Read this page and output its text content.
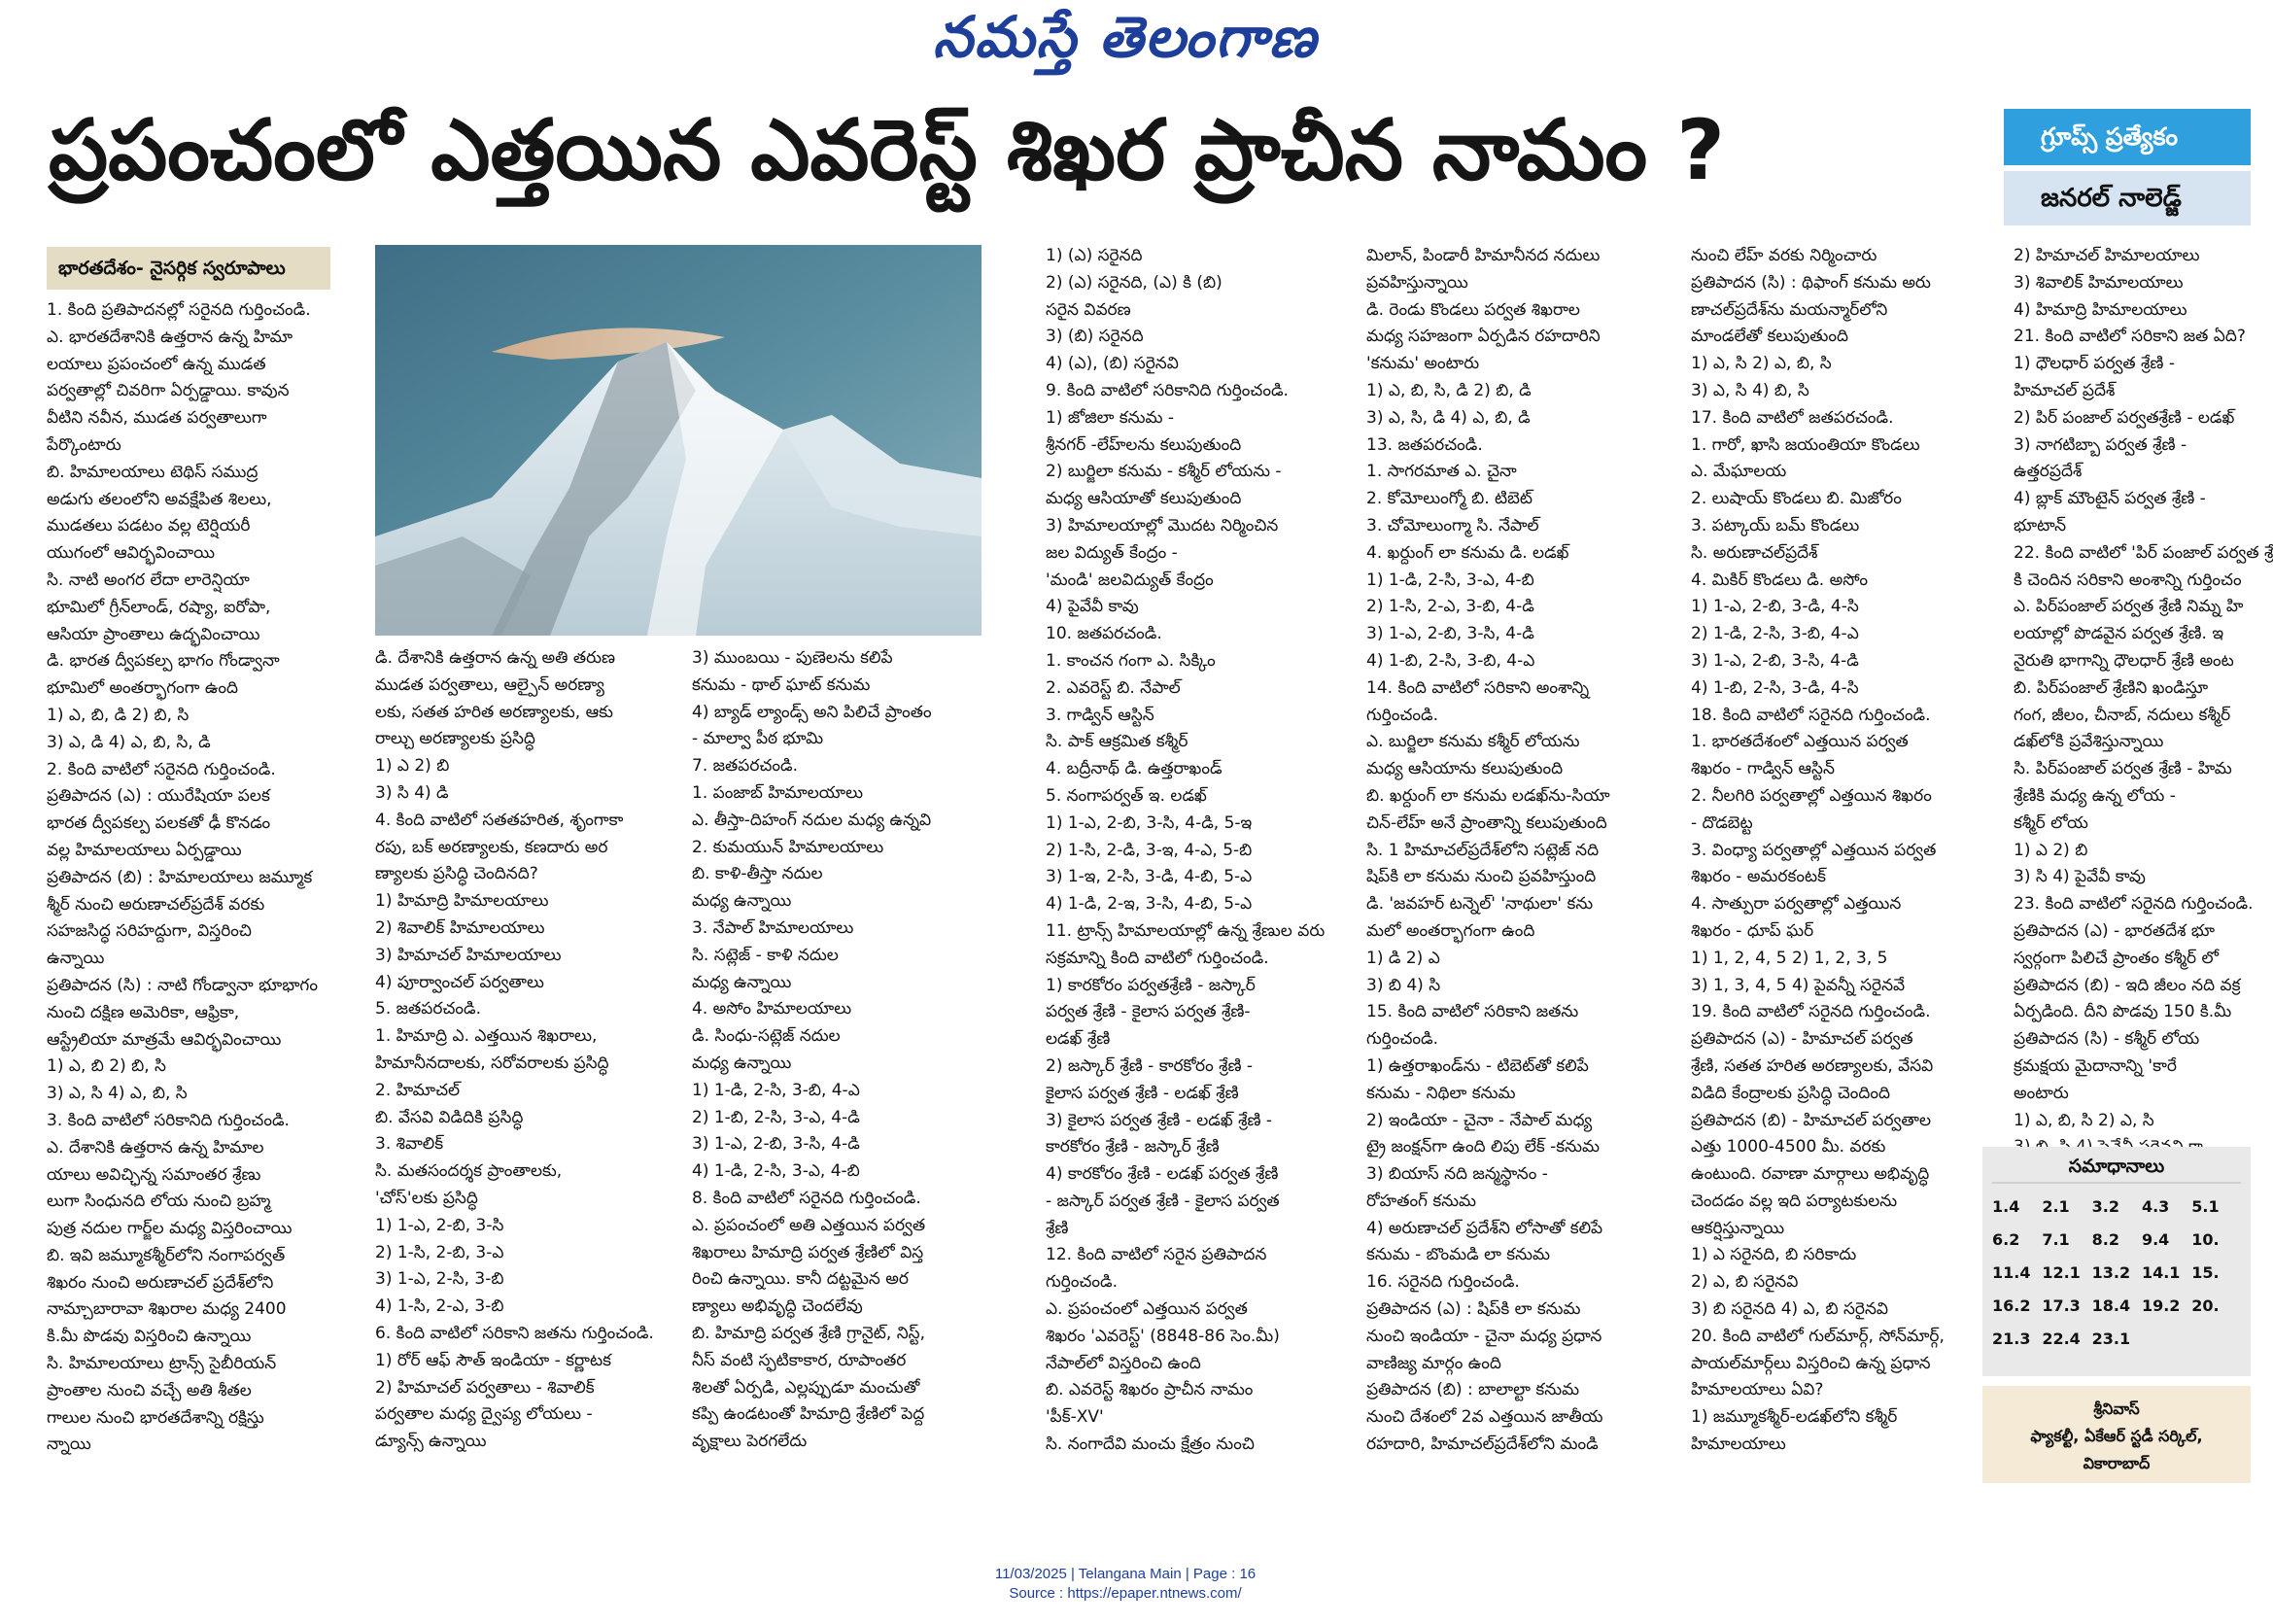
నమస్తే తెలంగాణ
ప్రపంచంలో ఎత్తయిన ఎవరెస్ట్ శిఖర ప్రాచీన నామం ?	గ్రూప్స్ ప్రత్యేకం
జనరల్ నాలెడ్జ్
భారతదేశం- నైసర్గిక స్వరూపాలు

1. కింది ప్రతిపాదనల్లో సరైనది గుర్తించండి.

ఎ. భారతదేశానికి ఉత్తరాన ఉన్న హిమా

లయాలు ప్రపంచంలో ఉన్న ముడత

పర్వతాల్లో చివరిగా ఏర్పడ్డాయి. కావున

వీటిని నవీన, ముడత పర్వతాలుగా

పేర్కొంటారు

బి. హిమాలయాలు టెథిస్ సముద్ర

అడుగు తలంలోని అవక్షేపిత శిలలు,

ముడతలు పడటం వల్ల టెర్షియరీ

యుగంలో ఆవిర్భవించాయి

సి. నాటి అంగర లేదా లారెన్షియా

భూమిలో గ్రీన్‌లాండ్, రష్యా, ఐరోపా,

ఆసియా ప్రాంతాలు ఉద్భవించాయి

డి. భారత ద్వీపకల్ప భాగం గోండ్వానా

భూమిలో అంతర్భాగంగా ఉంది

1) ఎ, బి, డి 2) బి, సి

3) ఎ, డి 4) ఎ, బి, సి, డి

2. కింది వాటిలో సరైనది గుర్తించండి.

ప్రతిపాదన (ఎ) : యురేషియా పలక

భారత ద్వీపకల్ప పలకతో ఢీ కొనడం

వల్ల హిమాలయాలు ఏర్పడ్డాయి

ప్రతిపాదన (బి) : హిమాలయాలు జమ్మూక

శ్మీర్ నుంచి అరుణాచల్‌ప్రదేశ్ వరకు

సహజసిద్ధ సరిహద్దుగా, విస్తరించి

ఉన్నాయి

ప్రతిపాదన (సి) : నాటి గోండ్వానా భూభాగం

నుంచి దక్షిణ అమెరికా, ఆఫ్రికా,

ఆస్ట్రేలియా మాత్రమే ఆవిర్భవించాయి

1) ఎ, బి 2) బి, సి

3) ఎ, సి 4) ఎ, బి, సి

3. కింది వాటిలో సరికానిది గుర్తించండి.

ఎ. దేశానికి ఉత్తరాన ఉన్న హిమాల

యాలు అవిచ్ఛిన్న సమాంతర శ్రేణు

లుగా సింధునది లోయ నుంచి బ్రహ్మ

పుత్ర నదుల గార్జ్‌ల మధ్య విస్తరించాయి

బి. ఇవి జమ్మూకశ్మీర్‌లోని నంగాపర్వత్

శిఖరం నుంచి అరుణాచల్ ప్రదేశ్‌లోని

నామ్చాబారావా శిఖరాల మధ్య 2400

కి.మీ పొడవు విస్తరించి ఉన్నాయి

సి. హిమాలయాలు ట్రాన్స్ సైబీరియన్

ప్రాంతాల నుంచి వచ్చే అతి శీతల

గాలుల నుంచి భారతదేశాన్ని రక్షిస్తు

న్నాయి

డి. దేశానికి ఉత్తరాన ఉన్న అతి తరుణ

ముడత పర్వతాలు, ఆల్పైన్ అరణ్యా

లకు, సతత హరిత అరణ్యాలకు, ఆకు

రాల్చు అరణ్యాలకు ప్రసిద్ధి

1) ఎ 2) బి

3) సి 4) డి

4. కింది వాటిలో సతతహరిత, శృంగాకా

రపు, బక్ అరణ్యాలకు, కణదారు అర

ణ్యాలకు ప్రసిద్ధి చెందినది?

1) హిమాద్రి హిమాలయాలు

2) శివాలిక్ హిమాలయాలు

3) హిమాచల్ హిమాలయాలు

4) పూర్వాంచల్ పర్వతాలు

5. జతపరచండి.

1. హిమాద్రి ఎ. ఎత్తయిన శిఖరాలు,

హిమానీనదాలకు, సరోవరాలకు ప్రసిద్ధి

2. హిమాచల్

బి. వేసవి విడిదికి ప్రసిద్ధి

3. శివాలిక్

సి. మతసందర్శక ప్రాంతాలకు,

'చోస్'లకు ప్రసిద్ధి

1) 1-ఎ, 2-బి, 3-సి

2) 1-సి, 2-బి, 3-ఎ

3) 1-ఎ, 2-సి, 3-బి

4) 1-సి, 2-ఎ, 3-బి

6. కింది వాటిలో సరికాని జతను గుర్తించండి.

1) రోర్ ఆఫ్ సౌత్ ఇండియా - కర్ణాటక

2) హిమాచల్ పర్వతాలు - శివాలిక్

పర్వతాల మధ్య ద్వైప్య లోయలు -

డ్యూన్స్ ఉన్నాయి

3) ముంబయి - పుణెలను కలిపే

కనుమ - థాల్ ఘాట్ కనుమ

4) బ్యాడ్ ల్యాండ్స్ అని పిలిచే ప్రాంతం

- మాల్వా పీఠ భూమి

7. జతపరచండి.

1. పంజాబ్ హిమాలయాలు

ఎ. తీస్తా-దిహంగ్ నదుల మధ్య ఉన్నవి

2. కుమయున్ హిమాలయాలు

బి. కాళి-తీస్తా నదుల

మధ్య ఉన్నాయి

3. నేపాల్ హిమాలయాలు

సి. సట్లెజ్ - కాళి నదుల

మధ్య ఉన్నాయి

4. అసోం హిమాలయాలు

డి. సింధు-సట్లెజ్ నదుల

మధ్య ఉన్నాయి

1) 1-డి, 2-సి, 3-బి, 4-ఎ

2) 1-బి, 2-సి, 3-ఎ, 4-డి

3) 1-ఎ, 2-బి, 3-సి, 4-డి

4) 1-డి, 2-సి, 3-ఎ, 4-బి

8. కింది వాటిలో సరైనది గుర్తించండి.

ఎ. ప్రపంచంలో అతి ఎత్తయిన పర్వత

శిఖరాలు హిమాద్రి పర్వత శ్రేణిలో విస్త

రించి ఉన్నాయి. కానీ దట్టమైన అర

ణ్యాలు అభివృద్ధి చెందలేవు

బి. హిమాద్రి పర్వత శ్రేణి గ్రానైట్, నిస్ట్,

నీస్ వంటి స్ఫటికాకార, రూపాంతర

శిలతో ఏర్పడి, ఎల్లప్పుడూ మంచుతో

కప్పి ఉండటంతో హిమాద్రి శ్రేణిలో పెద్ద

వృక్షాలు పెరగలేదు

1) (ఎ) సరైనది

2) (ఎ) సరైనది, (ఎ) కి (బి)

సరైన వివరణ

3) (బి) సరైనది

4) (ఎ), (బి) సరైనవి

9. కింది వాటిలో సరికానిది గుర్తించండి.

1) జోజిలా కనుమ -

శ్రీనగర్ -లేహ్‌లను కలుపుతుంది

2) బుర్జిలా కనుమ - కశ్మీర్ లోయను -

మధ్య ఆసియాతో కలుపుతుంది

3) హిమాలయాల్లో మొదట నిర్మించిన

జల విద్యుత్ కేంద్రం -

'మండి' జలవిద్యుత్ కేంద్రం

4) పైవేవీ కావు

10. జతపరచండి.

1. కాంచన గంగా ఎ. సిక్కిం

2. ఎవరెస్ట్ బి. నేపాల్

3. గాడ్విన్ ఆస్టిన్

సి. పాక్ ఆక్రమిత కశ్మీర్

4. బద్రీనాథ్ డి. ఉత్తరాఖండ్

5. నంగాపర్వత్ ఇ. లడఖ్

1) 1-ఎ, 2-బి, 3-సి, 4-డి, 5-ఇ

2) 1-సి, 2-డి, 3-ఇ, 4-ఎ, 5-బి

3) 1-ఇ, 2-సి, 3-డి, 4-బి, 5-ఎ

4) 1-డి, 2-ఇ, 3-సి, 4-బి, 5-ఎ

11. ట్రాన్స్ హిమాలయాల్లో ఉన్న శ్రేణుల వరు

సక్రమాన్ని కింది వాటిలో గుర్తించండి.

1) కారకోరం పర్వతశ్రేణి - జస్కార్

పర్వత శ్రేణి - కైలాస పర్వత శ్రేణి-

లడఖ్ శ్రేణి

2) జస్కార్ శ్రేణి - కారకోరం శ్రేణి -

కైలాస పర్వత శ్రేణి - లడఖ్ శ్రేణి

3) కైలాస పర్వత శ్రేణి - లడఖ్ శ్రేణి -

కారకోరం శ్రేణి - జస్కార్ శ్రేణి

4) కారకోరం శ్రేణి - లడఖ్ పర్వత శ్రేణి

- జస్కార్ పర్వత శ్రేణి - కైలాస పర్వత

శ్రేణి

12. కింది వాటిలో సరైన ప్రతిపాదన

గుర్తించండి.

ఎ. ప్రపంచంలో ఎత్తయిన పర్వత

శిఖరం 'ఎవరెస్ట్' (8848-86 సెం.మీ)

నేపాల్‌లో విస్తరించి ఉంది

బి. ఎవరెస్ట్ శిఖరం ప్రాచీన నామం

'పీక్-XV'

సి. నంగాదేవి మంచు క్షేత్రం నుంచి

మిలాన్, పిండారీ హిమానీనద నదులు

ప్రవహిస్తున్నాయి

డి. రెండు కొండలు పర్వత శిఖరాల

మధ్య సహజంగా ఏర్పడిన రహదారిని

'కనుమ' అంటారు

1) ఎ, బి, సి, డి 2) బి, డి

3) ఎ, సి, డి 4) ఎ, బి, డి

13. జతపరచండి.

1. సాగరమాత ఎ. చైనా

2. కోమోలుంగ్మో బి. టిబెట్

3. చోమోలుంగ్మా సి. నేపాల్

4. ఖర్దుంగ్ లా కనుమ డి. లడఖ్

1) 1-డి, 2-సి, 3-ఎ, 4-బి

2) 1-సి, 2-ఎ, 3-బి, 4-డి

3) 1-ఎ, 2-బి, 3-సి, 4-డి

4) 1-బి, 2-సి, 3-బి, 4-ఎ

14. కింది వాటిలో సరికాని అంశాన్ని

గుర్తించండి.

ఎ. బుర్జిలా కనుమ కశ్మీర్ లోయను

మధ్య ఆసియాను కలుపుతుంది

బి. ఖర్దుంగ్ లా కనుమ లడఖ్‌ను-సియా

చిన్-లేహ్ అనే ప్రాంతాన్ని కలుపుతుంది

సి. 1 హిమాచల్‌ప్రదేశ్‌లోని సట్లెజ్ నది

షిప్‌కి లా కనుమ నుంచి ప్రవహిస్తుంది

డి. 'జవహర్ టన్నెల్' 'నాథులా' కను

మలో అంతర్భాగంగా ఉంది

1) డి 2) ఎ

3) బి 4) సి

15. కింది వాటిలో సరికాని జతను

గుర్తించండి.

1) ఉత్తరాఖండ్‌ను - టిబెట్‌తో కలిపే

కనుమ - నిథిలా కనుమ

2) ఇండియా - చైనా - నేపాల్ మధ్య

ట్రై జంక్షన్‌గా ఉంది లిపు లేక్ -కనుమ

3) బియాస్ నది జన్మస్థానం -

రోహతంగ్ కనుమ

4) అరుణాచల్ ప్రదేశ్‌ని లోసాతో కలిపే

కనుమ - బొంమడి లా కనుమ

16. సరైనది గుర్తించండి.

ప్రతిపాదన (ఎ) : షిప్‌కి లా కనుమ

నుంచి ఇండియా - చైనా మధ్య ప్రధాన

వాణిజ్య మార్గం ఉంది

ప్రతిపాదన (బి) : బాలాల్టా కనుమ

నుంచి దేశంలో 2వ ఎత్తయిన జాతీయ

రహదారి, హిమాచల్‌ప్రదేశ్‌లోని మండి

నుంచి లేహ్ వరకు నిర్మించారు

ప్రతిపాదన (సి) : థిఫాంగ్ కనుమ అరు

ణాచల్‌ప్రదేశ్‌ను మయన్మార్‌లోని

మాండలే‌తో కలుపుతుంది

1) ఎ, సి 2) ఎ, బి, సి

3) ఎ, సి 4) బి, సి

17. కింది వాటిలో జతపరచండి.

1. గారో, ఖాసి జయంతియా కొండలు

ఎ. మేఘాలయ

2. లుషాయ్ కొండలు బి. మిజోరం

3. పట్కాయ్ బమ్ కొండలు

సి. అరుణాచల్‌ప్రదేశ్

4. మికిర్ కొండలు డి. అసోం

1) 1-ఎ, 2-బి, 3-డి, 4-సి

2) 1-డి, 2-సి, 3-బి, 4-ఎ

3) 1-ఎ, 2-బి, 3-సి, 4-డి

4) 1-బి, 2-సి, 3-డి, 4-సి

18. కింది వాటిలో సరైనది గుర్తించండి.

1. భారతదేశంలో ఎత్తయిన పర్వత

శిఖరం - గాడ్విన్ ఆస్టిన్

2. నీలగిరి పర్వతాల్లో ఎత్తయిన శిఖరం

- దొడబెట్ట

3. వింధ్యా పర్వతాల్లో ఎత్తయిన పర్వత

శిఖరం - అమరకంటక్

4. సాత్పురా పర్వతాల్లో ఎత్తయిన

శిఖరం - ధూప్ ఘర్

1) 1, 2, 4, 5 2) 1, 2, 3, 5

3) 1, 3, 4, 5 4) పైవన్నీ సరైనవే

19. కింది వాటిలో సరైనది గుర్తించండి.

ప్రతిపాదన (ఎ) - హిమాచల్ పర్వత

శ్రేణి, సతత హరిత అరణ్యాలకు, వేసవి

విడిది కేంద్రాలకు ప్రసిద్ధి చెందింది

ప్రతిపాదన (బి) - హిమాచల్ పర్వతాల

ఎత్తు 1000-4500 మీ. వరకు

ఉంటుంది. రవాణా మార్గాలు అభివృద్ధి

చెందడం వల్ల ఇది పర్యాటకులను

ఆకర్షిస్తున్నాయి

1) ఎ సరైనది, బి సరికాదు

2) ఎ, బి సరైనవి

3) బి సరైనది 4) ఎ, బి సరైనవి

20. కింది వాటిలో గుల్‌మార్గ్, సోన్‌మార్గ్,

పాయల్‌మార్గ్‌లు విస్తరించి ఉన్న ప్రధాన

హిమాలయాలు ఏవి?

1) జమ్మూకశ్మీర్-లడఖ్‌లోని కశ్మీర్

హిమాలయాలు

2) హిమాచల్ హిమాలయాలు

3) శివాలిక్ హిమాలయాలు

4) హిమాద్రి హిమాలయాలు

21. కింది వాటిలో సరికాని జత ఏది?

1) ధౌలధార్ పర్వత శ్రేణి -

హిమాచల్ ప్రదేశ్

2) పిర్ పంజాల్ పర్వతశ్రేణి - లడఖ్

3) నాగటిబ్బా పర్వత శ్రేణి -

ఉత్తరప్రదేశ్

4) బ్లాక్ మౌంటైన్ పర్వత శ్రేణి -

భూటాన్

22. కింది వాటిలో 'పిర్ పంజాల్ పర్వత శ్రే

కి చెందిన సరికాని అంశాన్ని గుర్తించం

ఎ. పిర్‌పంజాల్ పర్వత శ్రేణి నిమ్న హి

లయాల్లో పొడవైన పర్వత శ్రేణి. ఇ

నైరుతి భాగాన్ని ధౌలధార్ శ్రేణి అంట

బి. పిర్‌పంజాల్ శ్రేణిని ఖండిస్తూ

గంగ, జీలం, చీనాబ్, నదులు కశ్మీర్

డఖ్‌లోకి ప్రవేశిస్తున్నాయి

సి. పిర్‌పంజాల్ పర్వత శ్రేణి - హిమ

శ్రేణికి మధ్య ఉన్న లోయ -

కశ్మీర్ లోయ

1) ఎ 2) బి

3) సి 4) పైవేవీ కావు

23. కింది వాటిలో సరైనది గుర్తించండి.

ప్రతిపాదన (ఎ) - భారతదేశ భూ

స్వర్గంగా పిలిచే ప్రాంతం కశ్మీర్ లో

ప్రతిపాదన (బి) - ఇది జీలం నది వక్ర

ఏర్పడింది. దీని పొడవు 150 కి.మీ

ప్రతిపాదన (సి) - కశ్మీర్ లోయ

క్రమక్షయ మైదానాన్ని 'కారే

అంటారు

1) ఎ, బి, సి 2) ఎ, సి

సమాధానాలు
1.4	2.1	3.2	4.3	5.1
6.2	7.1	8.2	9.4	10.
11.4	12.1	13.2	14.1	15.
16.2	17.3	18.4	19.2	20.
21.3	22.4	23.1		
శ్రీనివాస్
ఫ్యాకల్టీ, ఏకేఆర్ స్టడీ సర్కిల్,
వికారాబాద్
11/03/2025 | Telangana Main | Page : 16
Source : https://epaper.ntnews.com/
